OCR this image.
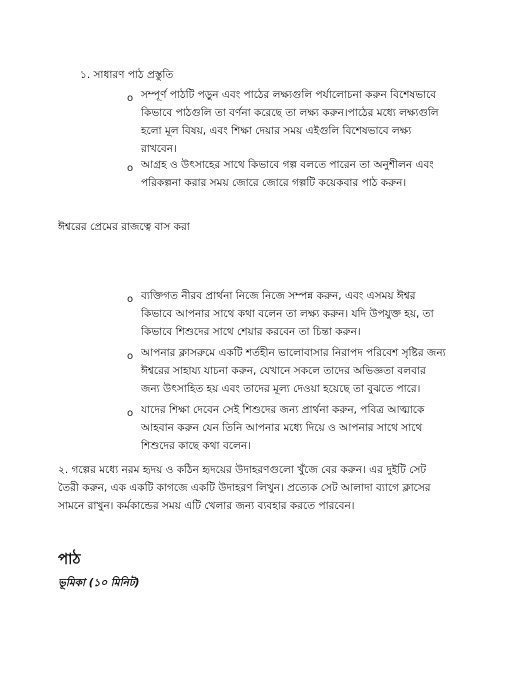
১. সাধারণ পাঠ প্রস্তুতি
o সম্পূর্ণ পাঠটি পড়ুন এবং পাঠের লক্ষ্যগুলি পর্যালোচনা করুন বিশেষভাবে
কিভাবে পাঠগুলি তা বর্ণনা করেছে তা লক্ষ্য করুন।পাঠের মধ্যে লক্ষ্যগুলি
হলো মূল বিষয়, এবং শিক্ষা দেয়ার সময় এইগুলি বিশেষভাবে লক্ষ্য
রাখবেন।
o আগ্রহ ও উৎসাহের সাথে কিভাবে গল্প বলতে পারেন তা অনুশীলন এবং
পরিকল্পনা করার সময় জোরে জোরে গল্পটি কয়েকবার পাঠ করুন।
ঈশ্বরের প্রেমের রাজত্বে বাস করা
o ব্যক্তিগত নীরব প্রার্থনা নিজে নিজে সম্পন্ন করুন, এবং এসময় ঈশ্বর
কিভাবে আপনার সাথে কথা বলেন তা লক্ষ্য করুন। যদি উপযুক্ত হয়, তা
কিভাবে শিশুদের সাথে শেয়ার করবেন তা চিন্তা করুন।
o আপনার ক্লাসরুমে একটি শর্তহীন ভালোবাসার নিরাপদ পরিবেশ সৃষ্টির জন্য
ঈশ্বরের সাহায্য যাচনা করুন, যেখানে সকলে তাদের অভিজ্ঞতা বলবার
জন্য উৎসাহিত হয় এবং তাদের মূল্য দেওয়া হয়েছে তা বুঝতে পারে।
o যাদের শিক্ষা দেবেন সেই শিশুদের জন্য প্রার্থনা করুন, পবিত্র আত্মাকে
আহবান করুন যেন তিনি আপনার মধ্যে দিয়ে ও আপনার সাথে সাথে
শিশুদের কাছে কথা বলেন।
২. গল্পের মধ্যে নরম হৃদয় ও কঠিন হৃদয়ের উদাহরণগুলো খুঁজে বের করুন। এর দুইটি সেট
তৈরী করুন, এক একটি কাগজে একটি উদাহরণ লিখুন। প্রত্যেক সেট আলাদা ব্যাগে ক্লাসের
সামনে রাখুন। কর্মকান্ডের সময় এটি খেলার জন্য ব্যবহার করতে পারবেন।
পাঠ
ভূমিকা (১০ মিনিট)
